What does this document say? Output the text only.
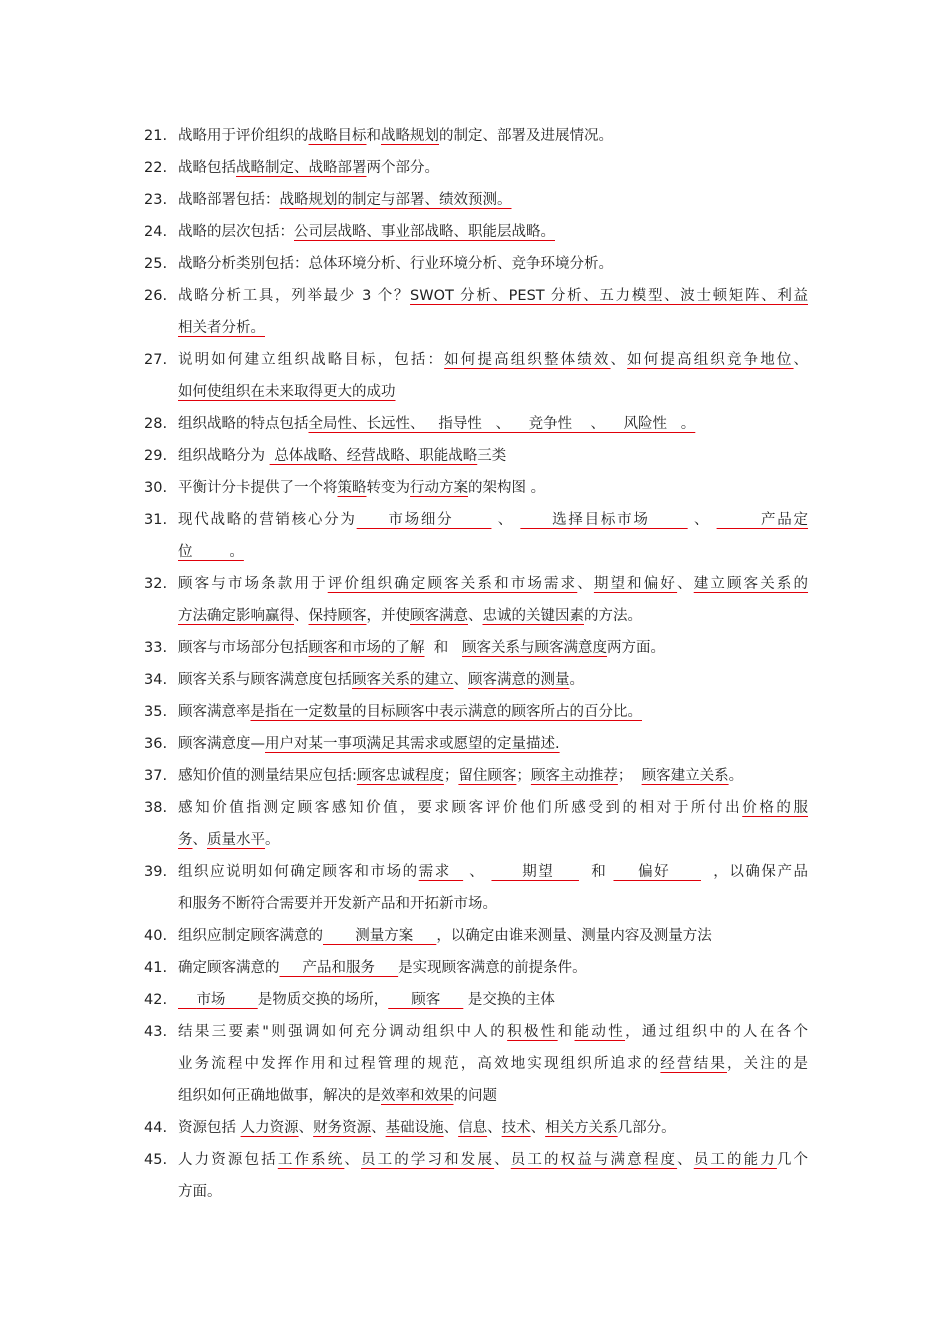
21. 战略用于评价组织的战略目标和战略规划的制定、部署及进展情况。
22. 战略包括战略制定、战略部署两个部分。
23. 战略部署包括：战略规划的制定与部署、绩效预测。
24. 战略的层次包括：公司层战略、事业部战略、职能层战略。
25. 战略分析类别包括：总体环境分析、行业环境分析、竞争环境分析。
26. 战略分析工具，列举最少 3 个？SWOT 分析、PEST 分析、五力模型、波士顿矩阵、利益
相关者分析。
27. 说明如何建立组织战略目标，包括：如何提高组织整体绩效、如何提高组织竞争地位、
如何使组织在未来取得更大的成功
28. 组织战略的特点包括全局性、长远性、   指导性   、    竞争性    、    风险性   。
29. 组织战略分为  总体战略、经营战略、职能战略三类
30. 平衡计分卡提供了一个将策略转变为行动方案的架构图 。
31. 现代战略的营销核心分为     市场细分       、      选择目标市场       、        产品定
位        。
32. 顾客与市场条款用于评价组织确定顾客关系和市场需求、期望和偏好、建立顾客关系的
方法确定影响赢得、保持顾客，并使顾客满意、忠诚的关键因素的方法。
33. 顾客与市场部分包括顾客和市场的了解  和   顾客关系与顾客满意度两方面。
34. 顾客关系与顾客满意度包括顾客关系的建立、顾客满意的测量。
35. 顾客满意率是指在一定数量的目标顾客中表示满意的顾客所占的百分比。
36. 顾客满意度—用户对某一事项满足其需求或愿望的定量描述.
37. 感知价值的测量结果应包括:顾客忠诚程度；留住顾客；顾客主动推荐；  顾客建立关系。
38. 感知价值指测定顾客感知价值，要求顾客评价他们所感受到的相对于所付出价格的服
务、质量水平。
39. 组织应说明如何确定顾客和市场的需求   、      期望      和     偏好       ，以确保产品
和服务不断符合需要并开发新产品和开拓新市场。
40. 组织应制定顾客满意的       测量方案     ，以确定由谁来测量、测量内容及测量方法
41. 确定顾客满意的     产品和服务     是实现顾客满意的前提条件。
42. 市场       是物质交换的场所，     顾客      是交换的主体
43. 结果三要素"则强调如何充分调动组织中人的积极性和能动性，通过组织中的人在各个
业务流程中发挥作用和过程管理的规范，高效地实现组织所追求的经营结果，关注的是
组织如何正确地做事，解决的是效率和效果的问题
44. 资源包括 人力资源、财务资源、基础设施、信息、技术、相关方关系几部分。
45. 人力资源包括工作系统、员工的学习和发展、员工的权益与满意程度、员工的能力几个
方面。
